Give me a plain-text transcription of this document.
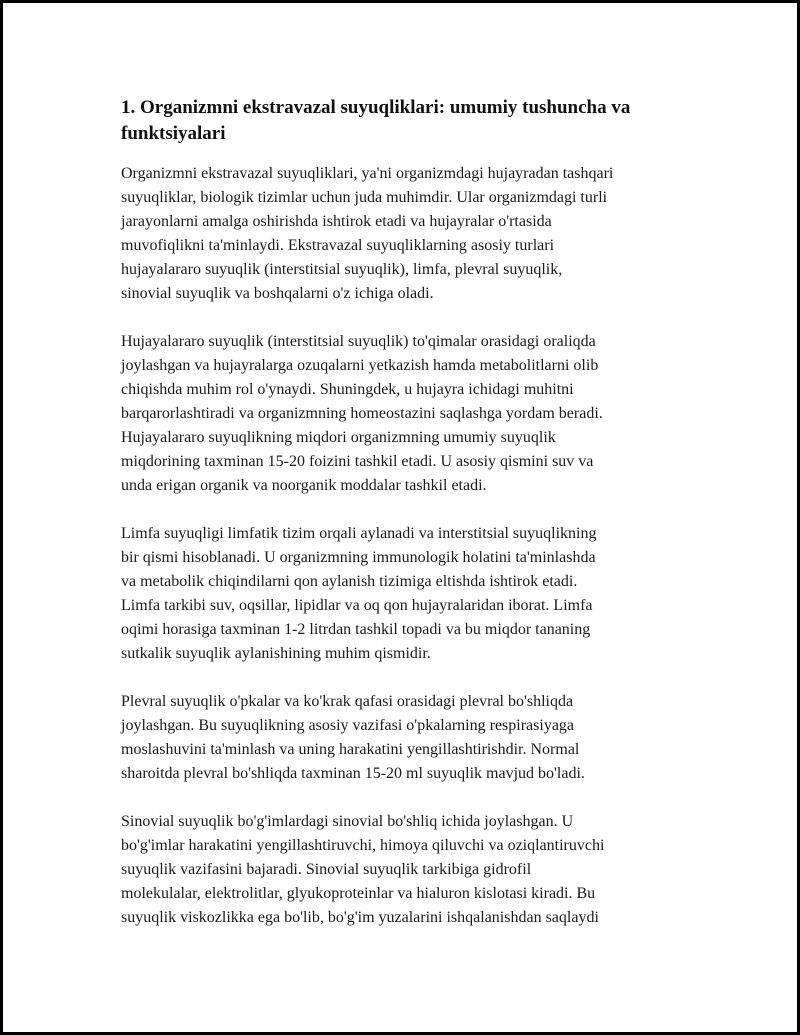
1. Organizmni ekstravazal suyuqliklari: umumiy tushuncha va
funktsiyalari

Organizmni ekstravazal suyuqliklari, ya'ni organizmdagi hujayradan tashqari
suyuqliklar, biologik tizimlar uchun juda muhimdir. Ular organizmdagi turli
jarayonlarni amalga oshirishda ishtirok etadi va hujayralar o'rtasida
muvofiqlikni ta'minlaydi. Ekstravazal suyuqliklarning asosiy turlari
hujayalararo suyuqlik (interstitsial suyuqlik), limfa, plevral suyuqlik,
sinovial suyuqlik va boshqalarni o'z ichiga oladi.

Hujayalararo suyuqlik (interstitsial suyuqlik) to'qimalar orasidagi oraliqda
joylashgan va hujayralarga ozuqalarni yetkazish hamda metabolitlarni olib
chiqishda muhim rol o'ynaydi. Shuningdek, u hujayra ichidagi muhitni
barqarorlashtiradi va organizmning homeostazini saqlashga yordam beradi.
Hujayalararo suyuqlikning miqdori organizmning umumiy suyuqlik
miqdorining taxminan 15-20 foizini tashkil etadi. U asosiy qismini suv va
unda erigan organik va noorganik moddalar tashkil etadi.

Limfa suyuqligi limfatik tizim orqali aylanadi va interstitsial suyuqlikning
bir qismi hisoblanadi. U organizmning immunologik holatini ta'minlashda
va metabolik chiqindilarni qon aylanish tizimiga eltishda ishtirok etadi.
Limfa tarkibi suv, oqsillar, lipidlar va oq qon hujayralaridan iborat. Limfa
oqimi horasiga taxminan 1-2 litrdan tashkil topadi va bu miqdor tananing
sutkalik suyuqlik aylanishining muhim qismidir.

Plevral suyuqlik o'pkalar va ko'krak qafasi orasidagi plevral bo'shliqda
joylashgan. Bu suyuqlikning asosiy vazifasi o'pkalarning respirasiyaga
moslashuvini ta'minlash va uning harakatini yengillashtirishdir. Normal
sharoitda plevral bo'shliqda taxminan 15-20 ml suyuqlik mavjud bo'ladi.

Sinovial suyuqlik bo'g'imlardagi sinovial bo'shliq ichida joylashgan. U
bo'g'imlar harakatini yengillashtiruvchi, himoya qiluvchi va oziqlantiruvchi
suyuqlik vazifasini bajaradi. Sinovial suyuqlik tarkibiga gidrofil
molekulalar, elektrolitlar, glyukoproteinlar va hialuron kislotasi kiradi. Bu
suyuqlik viskozlikka ega bo'lib, bo'g'im yuzalarini ishqalanishdan saqlaydi
